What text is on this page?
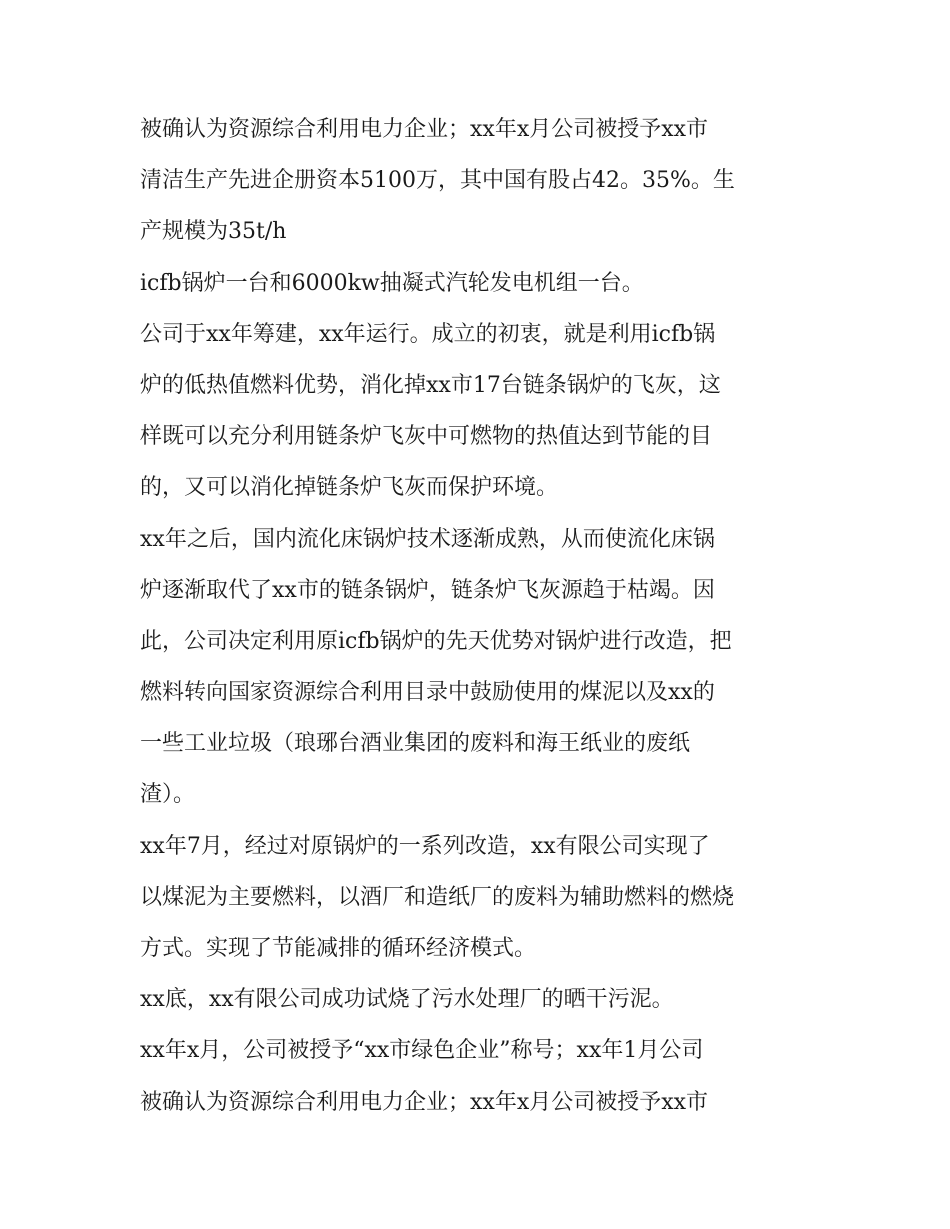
被确认为资源综合利用电力企业；xx年x月公司被授予xx市
清洁生产先进企册资本5100万，其中国有股占42。35%。生
产规模为35t/h
icfb锅炉一台和6000kw抽凝式汽轮发电机组一台。
公司于xx年筹建，xx年运行。成立的初衷，就是利用icfb锅
炉的低热值燃料优势，消化掉xx市17台链条锅炉的飞灰，这
样既可以充分利用链条炉飞灰中可燃物的热值达到节能的目
的，又可以消化掉链条炉飞灰而保护环境。
xx年之后，国内流化床锅炉技术逐渐成熟，从而使流化床锅
炉逐渐取代了xx市的链条锅炉，链条炉飞灰源趋于枯竭。因
此，公司决定利用原icfb锅炉的先天优势对锅炉进行改造，把
燃料转向国家资源综合利用目录中鼓励使用的煤泥以及xx的
一些工业垃圾（琅琊台酒业集团的废料和海王纸业的废纸
渣）。
xx年7月，经过对原锅炉的一系列改造，xx有限公司实现了
以煤泥为主要燃料，以酒厂和造纸厂的废料为辅助燃料的燃烧
方式。实现了节能减排的循环经济模式。
xx底，xx有限公司成功试烧了污水处理厂的晒干污泥。
xx年x月，公司被授予“xx市绿色企业”称号；xx年1月公司
被确认为资源综合利用电力企业；xx年x月公司被授予xx市
